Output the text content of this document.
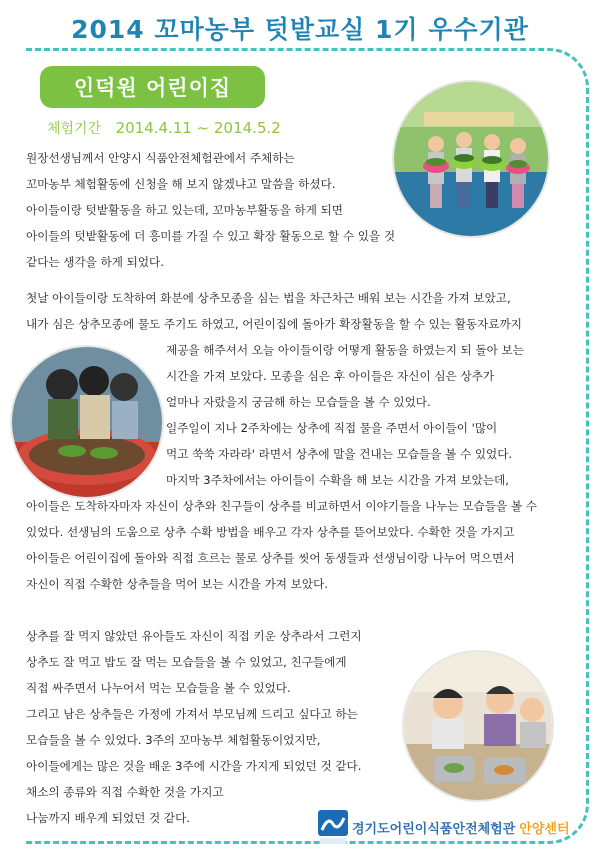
2014 꼬마농부 텃밭교실 1기 우수기관
인덕원 어린이집
체험기간 2014.4.11 ~ 2014.5.2

원장선생님께서 안양시 식품안전체험관에서 주체하는

꼬마농부 체험활동에 신청을 해 보지 않겠냐고 말씀을 하셨다.

아이들이랑 텃밭활동을 하고 있는데, 꼬마농부활동을 하게 되면

아이들의 텃밭활동에 더 흥미를 가질 수 있고 확장 활동으로 할 수 있을 것

같다는 생각을 하게 되었다.

첫날 아이들이랑 도착하여 화분에 상추모종을 심는 법을 차근차근 배워 보는 시간을 가져 보았고,

내가 심은 상추모종에 물도 주기도 하였고, 어린이집에 돌아가 확장활동을 할 수 있는 활동자료까지

제공을 해주셔서 오늘 아이들이랑 어떻게 활동을 하였는지 되 돌아 보는

시간을 가져 보았다. 모종을 심은 후 아이들은 자신이 심은 상추가

얼마나 자랐을지 궁금해 하는 모습들을 볼 수 있었다.

일주일이 지나 2주차에는 상추에 직접 물을 주면서 아이들이 '많이

먹고 쑥쑥 자라라' 라면서 상추에 말을 건내는 모습들을 볼 수 있었다.

마지막 3주차에서는 아이들이 수확을 해 보는 시간을 가져 보았는데,

아이들은 도착하자마자 자신이 상추와 친구들이 상추를 비교하면서 이야기들을 나누는 모습들을 볼 수

있었다. 선생님의 도움으로 상추 수확 방법을 배우고 각자 상추를 뜯어보았다. 수확한 것을 가지고

아이들은 어린이집에 돌아와 직접 흐르는 물로 상추를 씻어 동생들과 선생님이랑 나누어 먹으면서

자신이 직접 수확한 상추들을 먹어 보는 시간을 가져 보았다.

상추를 잘 먹지 않았던 유아들도 자신이 직접 키운 상추라서 그런지

상추도 잘 먹고 밥도 잘 먹는 모습들을 볼 수 있었고, 친구들에게

직접 싸주면서 나누어서 먹는 모습들을 볼 수 있었다.

그리고 남은 상추들은 가정에 가져서 부모님께 드리고 싶다고 하는

모습들을 볼 수 있었다. 3주의 꼬마농부 체험활동이었지만,

아이들에게는 많은 것을 배운 3주에 시간을 가지게 되었던 것 같다.

채소의 종류와 직접 수확한 것을 가지고

나눔까지 배우게 되었던 것 같다.

경기도어린이식품안전체험관 안양센터
